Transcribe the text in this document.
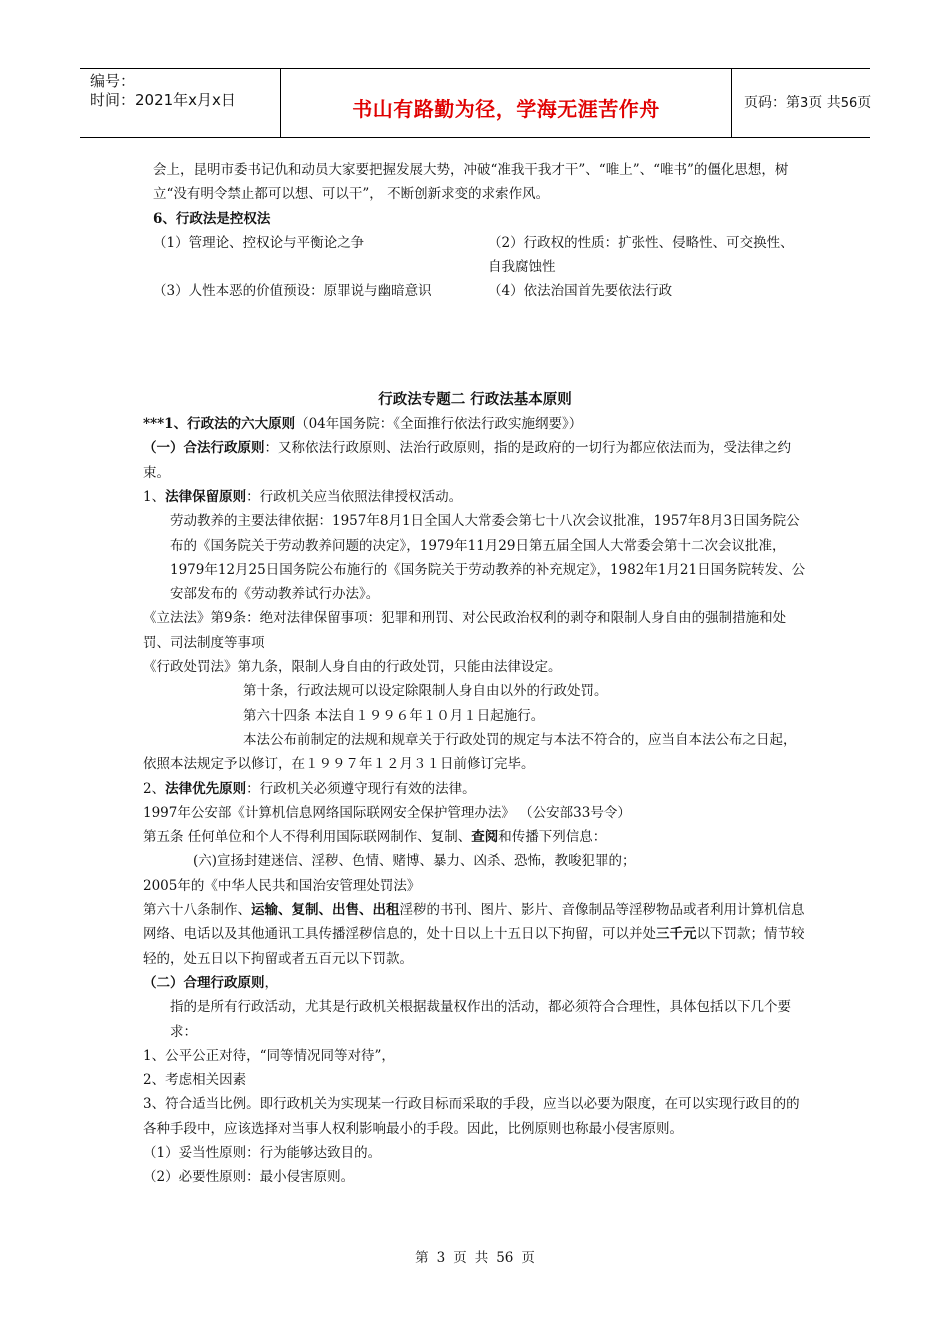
编号：
时间：2021年x月x日	书山有路勤为径，学海无涯苦作舟	页码：第3页 共56页

会上，昆明市委书记仇和动员大家要把握发展大势，冲破“准我干我才干”、“唯上”、“唯书”的僵化思想，树立“没有明令禁止都可以想、可以干”， 不断创新求变的求索作风。

6、行政法是控权法

（1）管理论、控权论与平衡论之争	（2）行政权的性质：扩张性、侵略性、可交换性、自我腐蚀性

（3）人性本恶的价值预设：原罪说与幽暗意识	（4）依法治国首先要依法行政

行政法专题二 行政法基本原则

***1、行政法的六大原则（04年国务院：《全面推行依法行政实施纲要》）

（一）合法行政原则：又称依法行政原则、法治行政原则，指的是政府的一切行为都应依法而为，受法律之约束。

1、法律保留原则：行政机关应当依照法律授权活动。

劳动教养的主要法律依据：1957年8月1日全国人大常委会第七十八次会议批准，1957年8月3日国务院公布的《国务院关于劳动教养问题的决定》，1979年11月29日第五届全国人大常委会第十二次会议批准，1979年12月25日国务院公布施行的《国务院关于劳动教养的补充规定》，1982年1月21日国务院转发、公安部发布的《劳动教养试行办法》。

《立法法》第9条：绝对法律保留事项：犯罪和刑罚、对公民政治权利的剥夺和限制人身自由的强制措施和处罚、司法制度等事项

《行政处罚法》第九条，限制人身自由的行政处罚，只能由法律设定。

第十条，行政法规可以设定除限制人身自由以外的行政处罚。

第六十四条 本法自１９９６年１０月１日起施行。

本法公布前制定的法规和规章关于行政处罚的规定与本法不符合的，应当自本法公布之日起，依照本法规定予以修订，在１９９７年１２月３１日前修订完毕。

2、法律优先原则：行政机关必须遵守现行有效的法律。

1997年公安部《计算机信息网络国际联网安全保护管理办法》 （公安部33号令）

第五条 任何单位和个人不得利用国际联网制作、复制、查阅和传播下列信息：

(六)宣扬封建迷信、淫秽、色情、赌博、暴力、凶杀、恐怖，教唆犯罪的；

2005年的《中华人民共和国治安管理处罚法》

第六十八条制作、运输、复制、出售、出租淫秽的书刊、图片、影片、音像制品等淫秽物品或者利用计算机信息网络、电话以及其他通讯工具传播淫秽信息的，处十日以上十五日以下拘留，可以并处三千元以下罚款；情节较轻的，处五日以下拘留或者五百元以下罚款。

（二）合理行政原则，

指的是所有行政活动，尤其是行政机关根据裁量权作出的活动，都必须符合合理性，具体包括以下几个要求：

1、公平公正对待，“同等情况同等对待”，

2、考虑相关因素

3、符合适当比例。即行政机关为实现某一行政目标而采取的手段，应当以必要为限度，在可以实现行政目的的各种手段中，应该选择对当事人权利影响最小的手段。因此，比例原则也称最小侵害原则。

（1）妥当性原则：行为能够达致目的。

（2）必要性原则：最小侵害原则。

第 3 页 共 56 页
